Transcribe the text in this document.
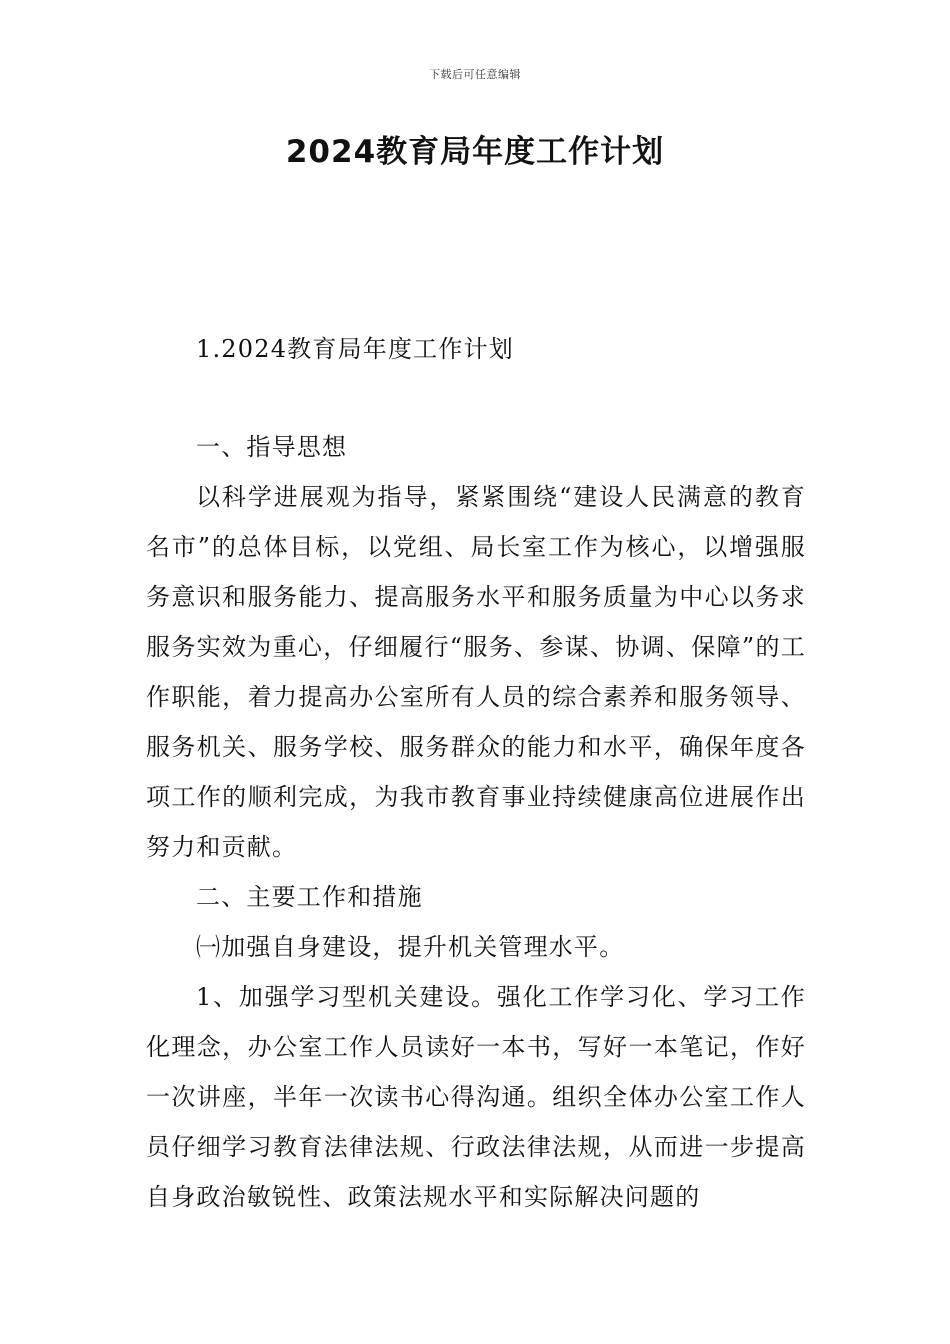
下载后可任意编辑
2024教育局年度工作计划
1.2024教育局年度工作计划

一、指导思想

以科学进展观为指导，紧紧围绕“建设人民满意的教育名市”的总体目标，以党组、局长室工作为核心，以增强服务意识和服务能力、提高服务水平和服务质量为中心以务求服务实效为重心，仔细履行“服务、参谋、协调、保障”的工作职能，着力提高办公室所有人员的综合素养和服务领导、服务机关、服务学校、服务群众的能力和水平，确保年度各项工作的顺利完成，为我市教育事业持续健康高位进展作出努力和贡献。

二、主要工作和措施

㈠加强自身建设，提升机关管理水平。

1、加强学习型机关建设。强化工作学习化、学习工作化理念，办公室工作人员读好一本书，写好一本笔记，作好一次讲座，半年一次读书心得沟通。组织全体办公室工作人员仔细学习教育法律法规、行政法律法规，从而进一步提高自身政治敏锐性、政策法规水平和实际解决问题的
